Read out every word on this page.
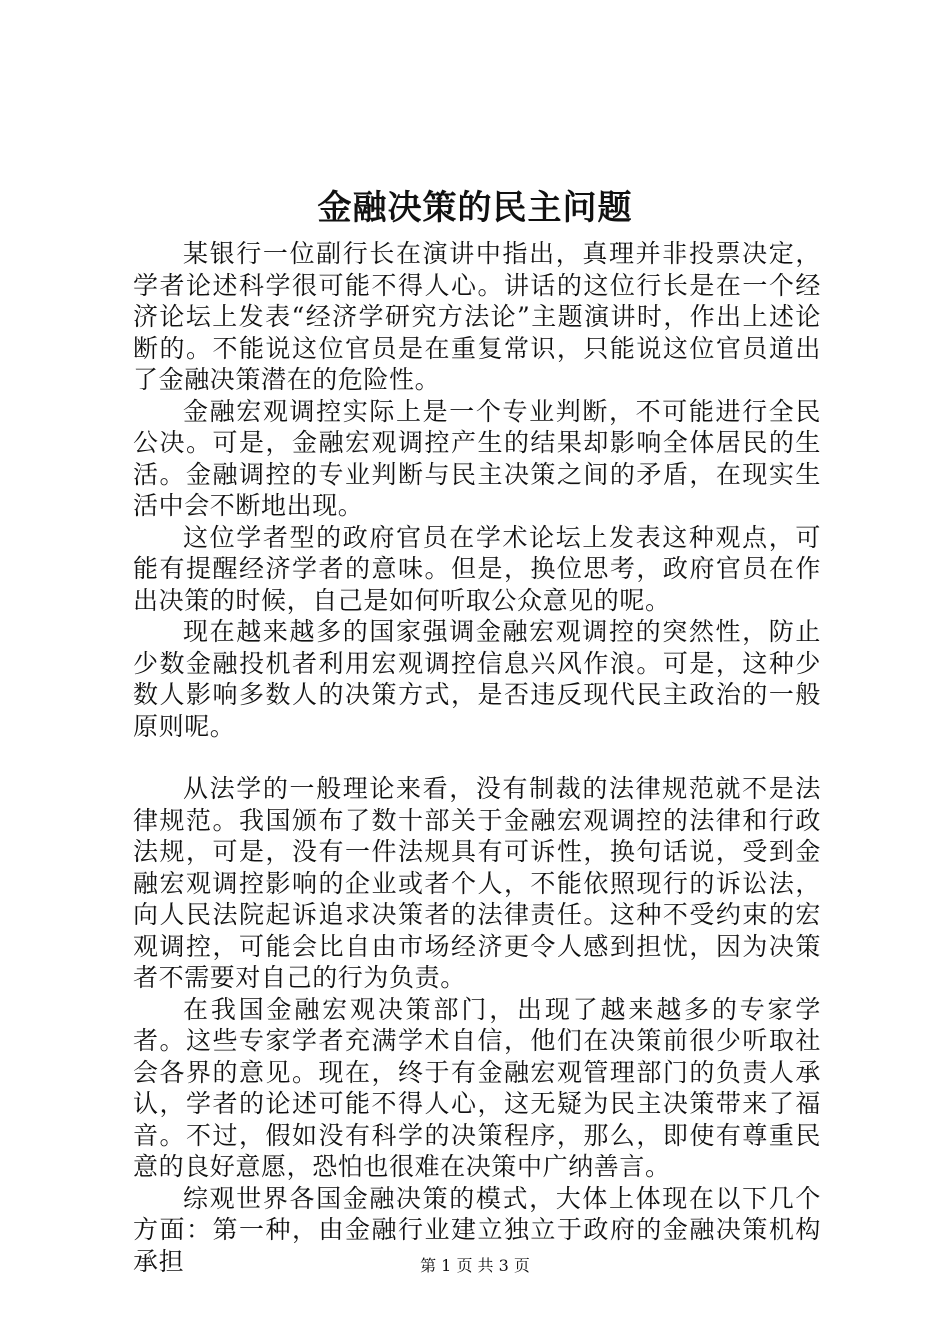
金融决策的民主问题

某银行一位副行长在演讲中指出，真理并非投票决定，学者论述科学很可能不得人心。讲话的这位行长是在一个经济论坛上发表“经济学研究方法论”主题演讲时，作出上述论断的。不能说这位官员是在重复常识，只能说这位官员道出了金融决策潜在的危险性。

金融宏观调控实际上是一个专业判断，不可能进行全民公决。可是，金融宏观调控产生的结果却影响全体居民的生活。金融调控的专业判断与民主决策之间的矛盾，在现实生活中会不断地出现。

这位学者型的政府官员在学术论坛上发表这种观点，可能有提醒经济学者的意味。但是，换位思考，政府官员在作出决策的时候，自己是如何听取公众意见的呢。

现在越来越多的国家强调金融宏观调控的突然性，防止少数金融投机者利用宏观调控信息兴风作浪。可是，这种少数人影响多数人的决策方式，是否违反现代民主政治的一般原则呢。

从法学的一般理论来看，没有制裁的法律规范就不是法律规范。我国颁布了数十部关于金融宏观调控的法律和行政法规，可是，没有一件法规具有可诉性，换句话说，受到金融宏观调控影响的企业或者个人，不能依照现行的诉讼法，向人民法院起诉追求决策者的法律责任。这种不受约束的宏观调控，可能会比自由市场经济更令人感到担忧，因为决策者不需要对自己的行为负责。

在我国金融宏观决策部门，出现了越来越多的专家学者。这些专家学者充满学术自信，他们在决策前很少听取社会各界的意见。现在，终于有金融宏观管理部门的负责人承认，学者的论述可能不得人心，这无疑为民主决策带来了福音。不过，假如没有科学的决策程序，那么，即使有尊重民意的良好意愿，恐怕也很难在决策中广纳善言。

综观世界各国金融决策的模式，大体上体现在以下几个方面：第一种，由金融行业建立独立于政府的金融决策机构承担	第 1 页 共 3 页
